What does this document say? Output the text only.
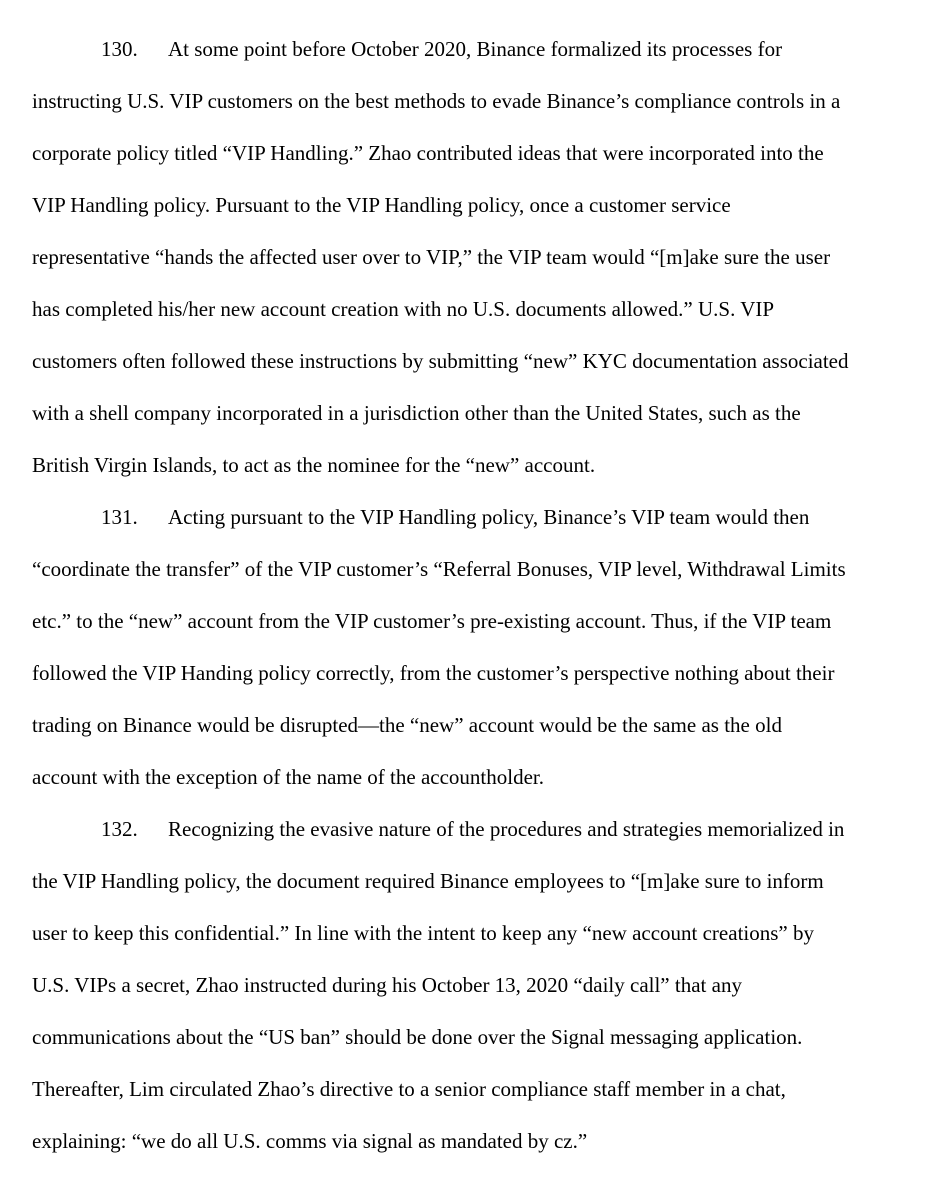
130. At some point before October 2020, Binance formalized its processes for
instructing U.S. VIP customers on the best methods to evade Binance’s compliance controls in a
corporate policy titled “VIP Handling.” Zhao contributed ideas that were incorporated into the
VIP Handling policy. Pursuant to the VIP Handling policy, once a customer service
representative “hands the affected user over to VIP,” the VIP team would “[m]ake sure the user
has completed his/her new account creation with no U.S. documents allowed.” U.S. VIP
customers often followed these instructions by submitting “new” KYC documentation associated
with a shell company incorporated in a jurisdiction other than the United States, such as the
British Virgin Islands, to act as the nominee for the “new” account.
131. Acting pursuant to the VIP Handling policy, Binance’s VIP team would then
“coordinate the transfer” of the VIP customer’s “Referral Bonuses, VIP level, Withdrawal Limits
etc.” to the “new” account from the VIP customer’s pre-existing account. Thus, if the VIP team
followed the VIP Handing policy correctly, from the customer’s perspective nothing about their
trading on Binance would be disrupted—the “new” account would be the same as the old
account with the exception of the name of the accountholder.
132. Recognizing the evasive nature of the procedures and strategies memorialized in
the VIP Handling policy, the document required Binance employees to “[m]ake sure to inform
user to keep this confidential.” In line with the intent to keep any “new account creations” by
U.S. VIPs a secret, Zhao instructed during his October 13, 2020 “daily call” that any
communications about the “US ban” should be done over the Signal messaging application.
Thereafter, Lim circulated Zhao’s directive to a senior compliance staff member in a chat,
explaining: “we do all U.S. comms via signal as mandated by cz.”
